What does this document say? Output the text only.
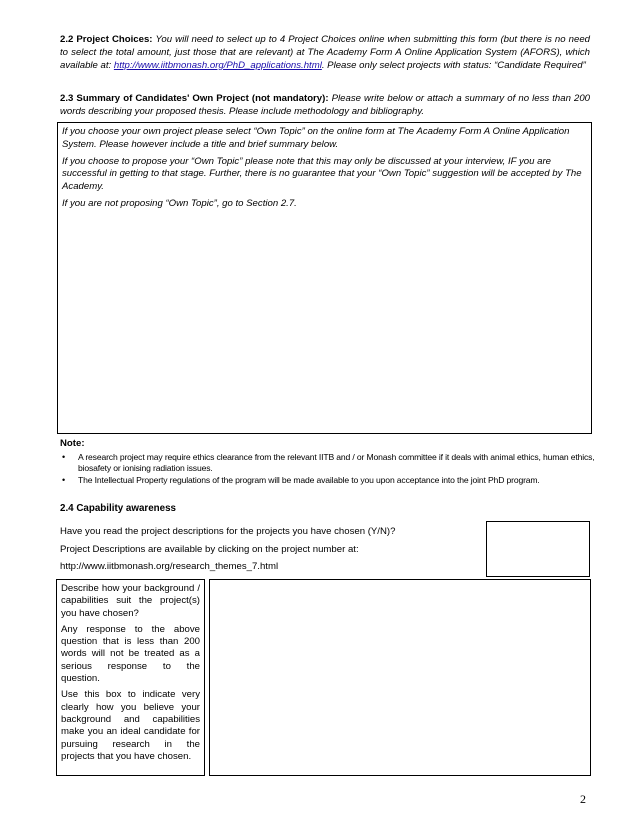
2.2 Project Choices: You will need to select up to 4 Project Choices online when submitting this form (but there is no need to select the total amount, just those that are relevant) at The Academy Form A Online Application System (AFORS), which available at: http://www.iitbmonash.org/PhD_applications.html. Please only select projects with status: “Candidate Required”
2.3 Summary of Candidates' Own Project (not mandatory): Please write below or attach a summary of no less than 200 words describing your proposed thesis. Please include methodology and bibliography.

If you choose your own project please select “Own Topic” on the online form at The Academy Form A Online Application System. Please however include a title and brief summary below.

If you choose to propose your “Own Topic” please note that this may only be discussed at your interview, IF you are successful in getting to that stage. Further, there is no guarantee that your “Own Topic” suggestion will be accepted by The Academy.

If you are not proposing “Own Topic”, go to Section 2.7.

Note:
• A research project may require ethics clearance from the relevant IITB and / or Monash committee if it deals with animal ethics, human ethics, biosafety or ionising radiation issues.
• The Intellectual Property regulations of the program will be made available to you upon acceptance into the joint PhD program.
2.4 Capability awareness
Have you read the project descriptions for the projects you have chosen (Y/N)?
Project Descriptions are available by clicking on the project number at:
http://www.iitbmonash.org/research_themes_7.html

Describe how your background / capabilities suit the project(s) you have chosen?

Any response to the above question that is less than 200 words will not be treated as a serious response to the question.

Use this box to indicate very clearly how you believe your background and capabilities make you an ideal candidate for pursuing research in the projects that you have chosen.

2
